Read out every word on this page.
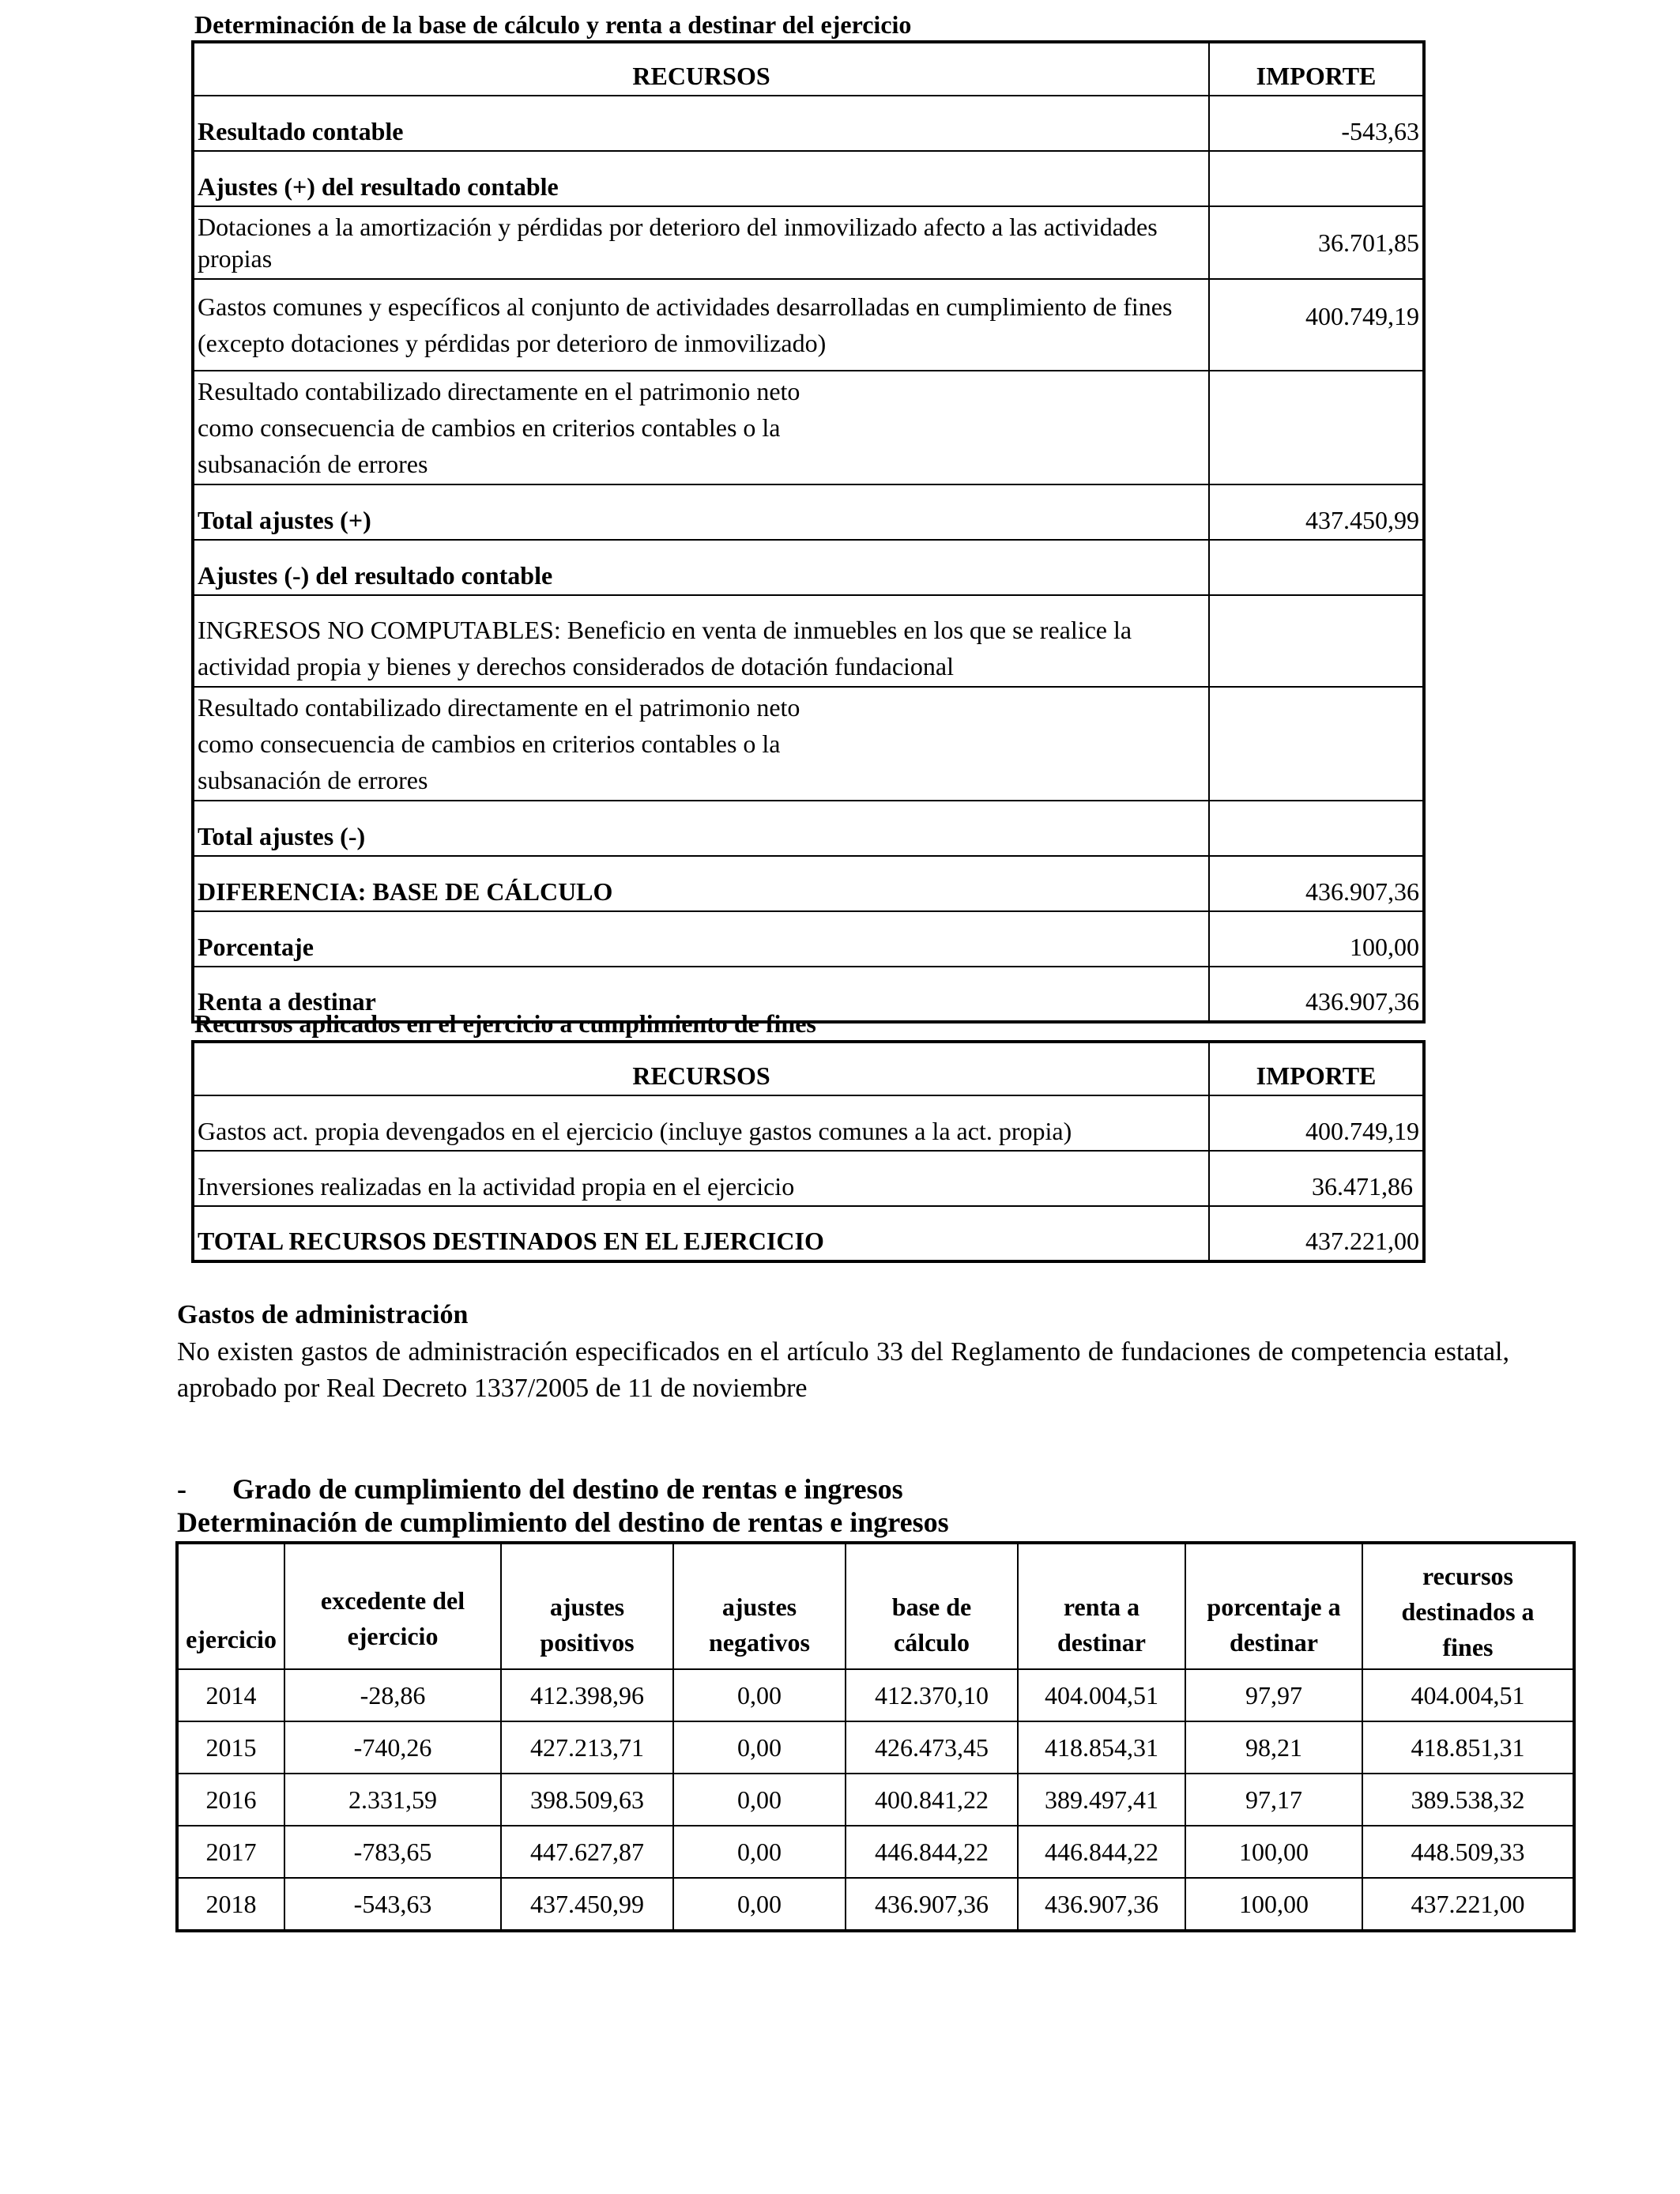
Determinación de la base de cálculo y renta a destinar del ejercicio
RECURSOS	IMPORTE
Resultado contable	-543,63
Ajustes (+) del resultado contable	
Dotaciones a la amortización y pérdidas por deterioro del inmovilizado afecto a las actividades propias	36.701,85
Gastos comunes y específicos al conjunto de actividades desarrolladas en cumplimiento de fines (excepto dotaciones y pérdidas por deterioro de inmovilizado)	400.749,19
Resultado contabilizado directamente en el patrimonio neto como consecuencia de cambios en criterios contables o la subsanación de errores	
Total ajustes (+)	437.450,99
Ajustes (-) del resultado contable	
INGRESOS NO COMPUTABLES: Beneficio en venta de inmuebles en los que se realice la actividad propia y bienes y derechos considerados de dotación fundacional	
Resultado contabilizado directamente en el patrimonio neto como consecuencia de cambios en criterios contables o la subsanación de errores	
Total ajustes (-)	
DIFERENCIA: BASE DE CÁLCULO	436.907,36
Porcentaje	100,00
Renta a destinar	436.907,36
Recursos aplicados en el ejercicio a cumplimiento de fines
RECURSOS	IMPORTE
Gastos act. propia devengados en el ejercicio (incluye gastos comunes a la act. propia)	400.749,19
Inversiones realizadas en la actividad propia en el ejercicio	36.471,86
TOTAL RECURSOS DESTINADOS EN EL EJERCICIO	437.221,00
Gastos de administración
No existen gastos de administración especificados en el artículo 33 del Reglamento de fundaciones de competencia estatal, aprobado por Real Decreto 1337/2005 de 11 de noviembre
- Grado de cumplimiento del destino de rentas e ingresos
Determinación de cumplimiento del destino de rentas e ingresos
ejercicio	excedente del ejercicio	ajustes positivos	ajustes negativos	base de cálculo	renta a destinar	porcentaje a destinar	recursos destinados a fines
2014	-28,86	412.398,96	0,00	412.370,10	404.004,51	97,97	404.004,51
2015	-740,26	427.213,71	0,00	426.473,45	418.854,31	98,21	418.851,31
2016	2.331,59	398.509,63	0,00	400.841,22	389.497,41	97,17	389.538,32
2017	-783,65	447.627,87	0,00	446.844,22	446.844,22	100,00	448.509,33
2018	-543,63	437.450,99	0,00	436.907,36	436.907,36	100,00	437.221,00
